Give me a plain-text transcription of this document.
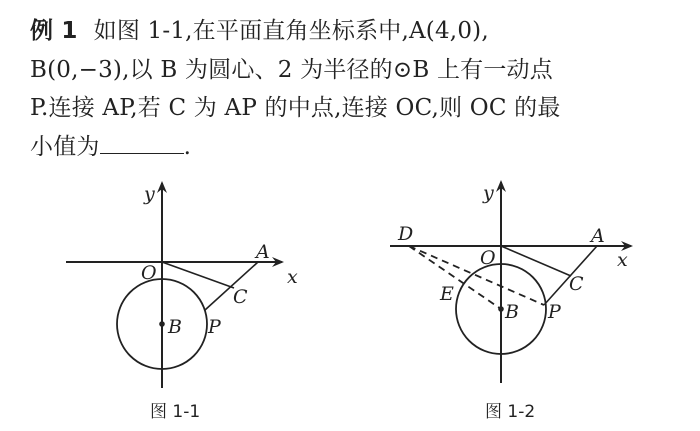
例 1 如图 1-1,在平面直角坐标系中,A(4,0),
B(0,−3),以 B 为圆心、2 为半径的⊙B 上有一动点
P.连接 AP,若 C 为 AP 的中点,连接 OC,则 OC 的最
小值为	.
y
x
O
A
B
C
P
图 1-1
y
x
O
A
D
E
B
C
P
图 1-2
